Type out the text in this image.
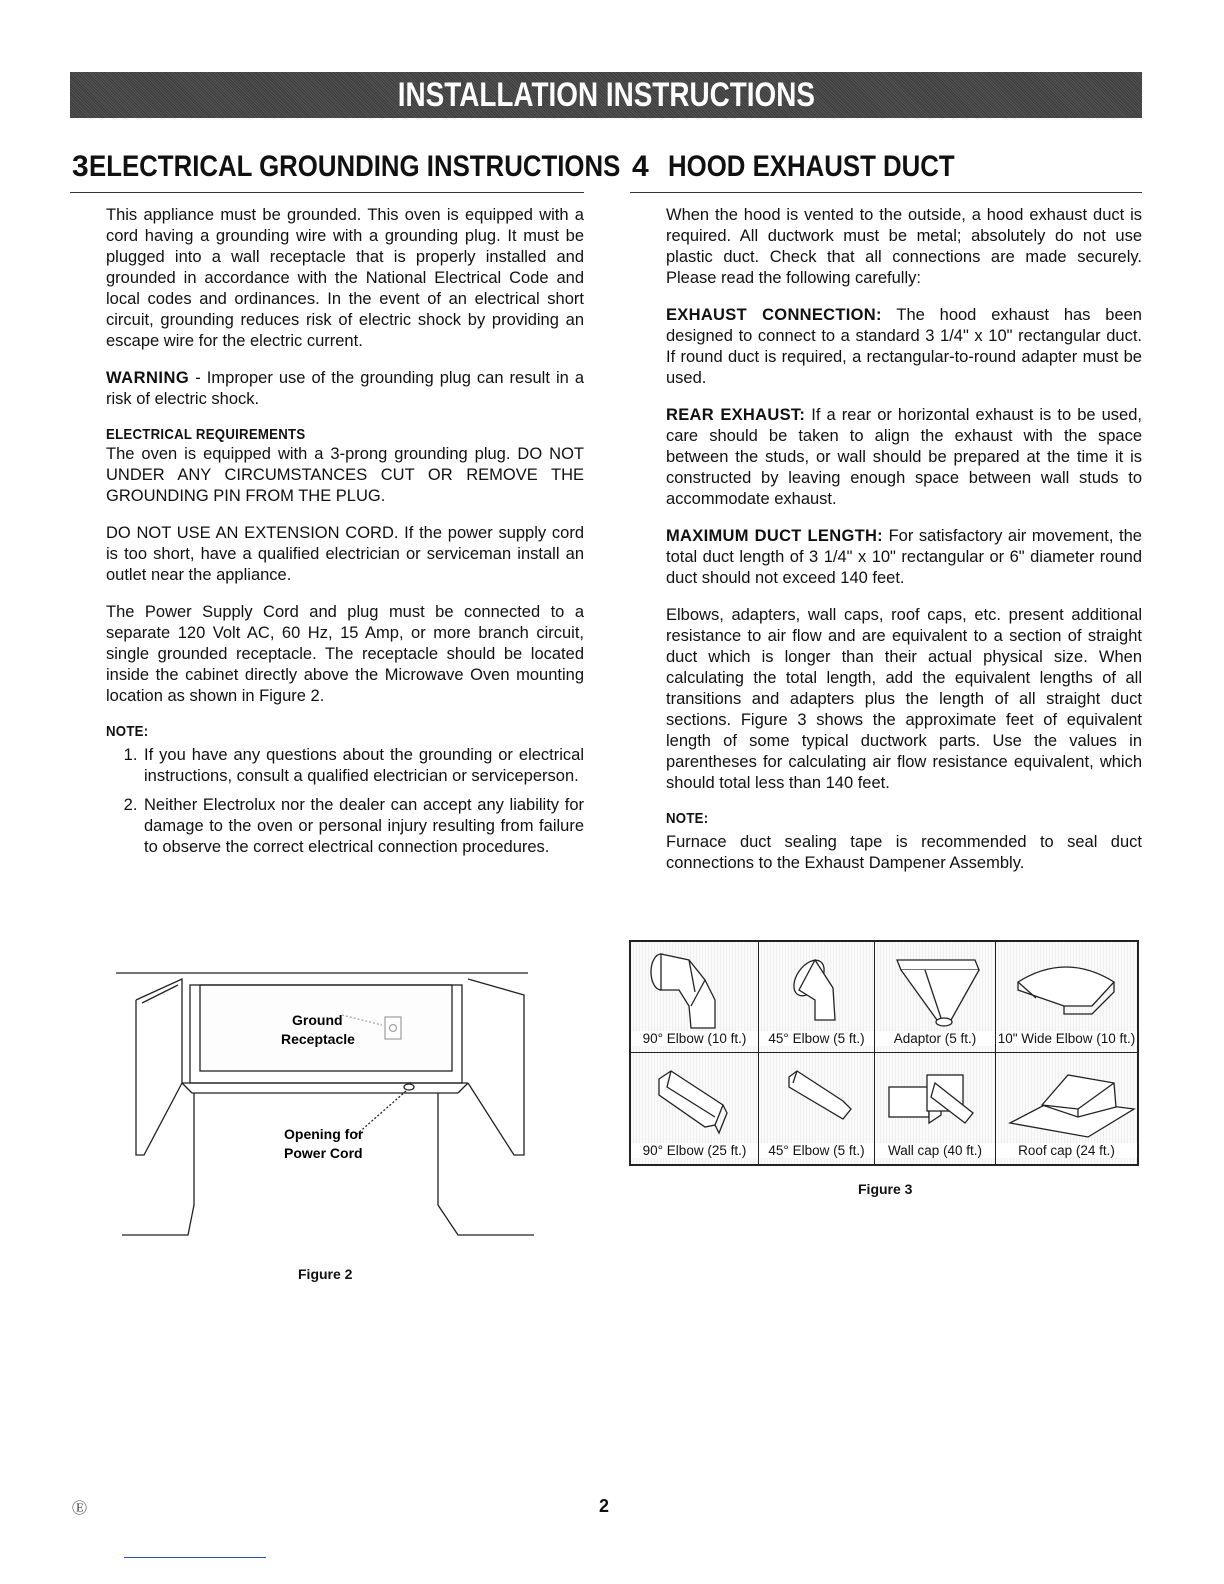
INSTALLATION INSTRUCTIONS
3 ELECTRICAL GROUNDING INSTRUCTIONS

This appliance must be grounded. This oven is equipped with a cord having a grounding wire with a grounding plug. It must be plugged into a wall receptacle that is properly installed and grounded in accordance with the National Electrical Code and local codes and ordinances. In the event of an electrical short circuit, grounding reduces risk of electric shock by providing an escape wire for the electric current.

WARNING - Improper use of the grounding plug can result in a risk of electric shock.

ELECTRICAL REQUIREMENTS

The oven is equipped with a 3-prong grounding plug. DO NOT UNDER ANY CIRCUMSTANCES CUT OR REMOVE THE GROUNDING PIN FROM THE PLUG.

DO NOT USE AN EXTENSION CORD. If the power supply cord is too short, have a qualified electrician or serviceman install an outlet near the appliance.

The Power Supply Cord and plug must be connected to a separate 120 Volt AC, 60 Hz, 15 Amp, or more branch circuit, single grounded receptacle. The receptacle should be located inside the cabinet directly above the Microwave Oven mounting location as shown in Figure 2.

NOTE:
1. If you have any questions about the grounding or electrical instructions, consult a qualified electrician or serviceperson.
2. Neither Electrolux nor the dealer can accept any liability for damage to the oven or personal injury resulting from failure to observe the correct electrical connection procedures.
4 HOOD EXHAUST DUCT

When the hood is vented to the outside, a hood exhaust duct is required. All ductwork must be metal; absolutely do not use plastic duct. Check that all connections are made securely. Please read the following carefully:

EXHAUST CONNECTION: The hood exhaust has been designed to connect to a standard 3 1/4" x 10" rectangular duct. If round duct is required, a rectangular-to-round adapter must be used.

REAR EXHAUST: If a rear or horizontal exhaust is to be used, care should be taken to align the exhaust with the space between the studs, or wall should be prepared at the time it is constructed by leaving enough space between wall studs to accommodate exhaust.

MAXIMUM DUCT LENGTH: For satisfactory air movement, the total duct length of 3 1/4" x 10" rectangular or 6" diameter round duct should not exceed 140 feet.

Elbows, adapters, wall caps, roof caps, etc. present additional resistance to air flow and are equivalent to a section of straight duct which is longer than their actual physical size. When calculating the total length, add the equivalent lengths of all transitions and adapters plus the length of all straight duct sections. Figure 3 shows the approximate feet of equivalent length of some typical ductwork parts. Use the values in parentheses for calculating air flow resistance equivalent, which should total less than 140 feet.

NOTE:

Furnace duct sealing tape is recommended to seal duct connections to the Exhaust Dampener Assembly.

Ground
Receptacle
Opening for
Power Cord
Figure 2
90° Elbow (10 ft.)	45° Elbow (5 ft.)	Adaptor (5 ft.)	10" Wide Elbow (10 ft.)
90° Elbow (25 ft.)	45° Elbow (5 ft.)	Wall cap (40 ft.)	Roof cap (24 ft.)
Figure 3
Ⓔ	2
